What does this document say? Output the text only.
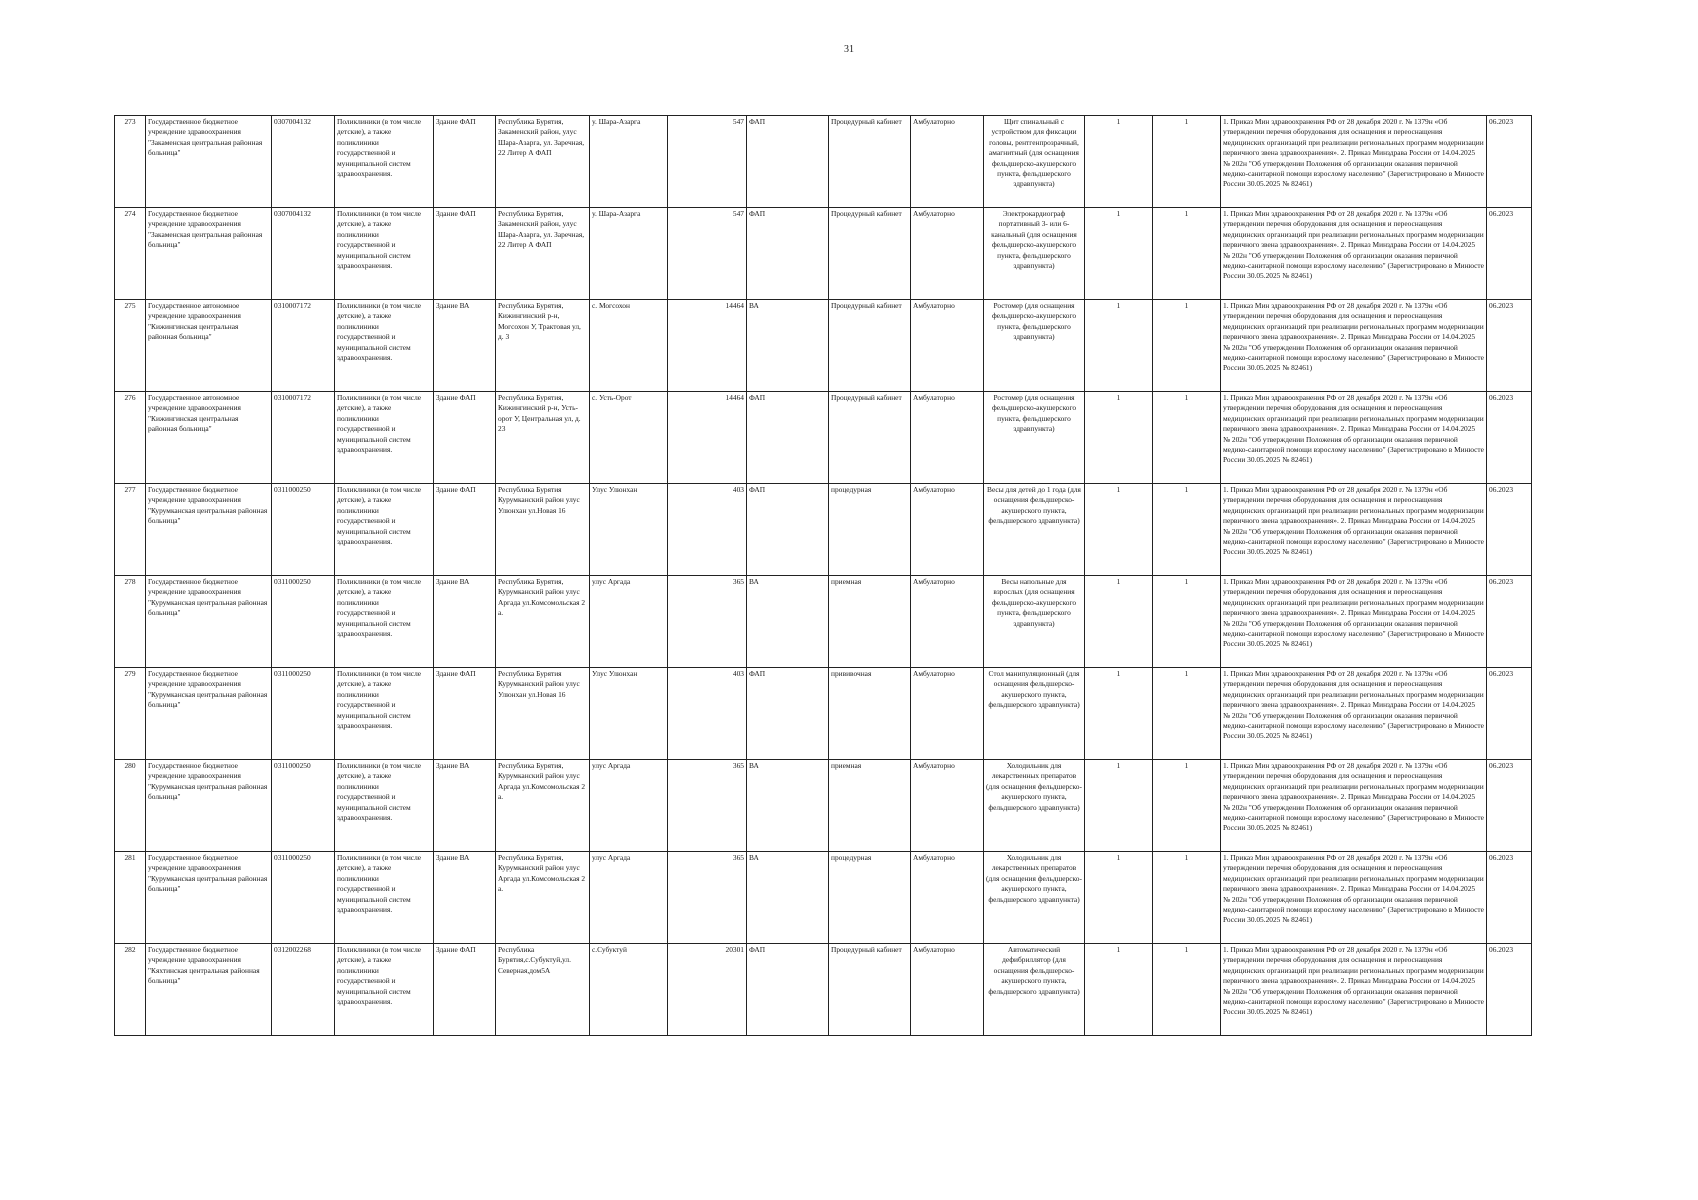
31
273	Государственное бюджетное учреждение здравоохранения "Закаменская центральная районная больница"	0307004132	Поликлиники (в том числе детские), а также поликлиники государственной и муниципальной систем здравоохранения.	Здание ФАП	Республика Бурятия, Закаменский район, улус Шара-Азарга, ул. Заречная, 22 Литер А ФАП	у. Шара-Азарга	547	ФАП	Процедурный кабинет	Амбулаторно	Щит спинальный с устройством для фиксации головы, рентгенпрозрачный, амагнитный (для оснащения фельдшерско-акушерского пункта, фельдшерского здравпункта)	1	1	1. Приказ Мин здравоохранения РФ от 28 декабря 2020 г. № 1379н «Об утверждении перечня оборудования для оснащения и переоснащения медицинских организаций при реализации региональных программ модернизации первичного звена здравоохранения». 2. Приказ Минздрава России от 14.04.2025 № 202н "Об утверждении Положения об организации оказания первичной медико-санитарной помощи взрослому населению" (Зарегистрировано в Минюсте России 30.05.2025 № 82461)	06.2023
274	Государственное бюджетное учреждение здравоохранения "Закаменская центральная районная больница"	0307004132	Поликлиники (в том числе детские), а также поликлиники государственной и муниципальной систем здравоохранения.	Здание ФАП	Республика Бурятия, Закаменский район, улус Шара-Азарга, ул. Заречная, 22 Литер А ФАП	у. Шара-Азарга	547	ФАП	Процедурный кабинет	Амбулаторно	Электрокардиограф портативный 3- или 6-канальный (для оснащения фельдшерско-акушерского пункта, фельдшерского здравпункта)	1	1	1. Приказ Мин здравоохранения РФ от 28 декабря 2020 г. № 1379н «Об утверждении перечня оборудования для оснащения и переоснащения медицинских организаций при реализации региональных программ модернизации первичного звена здравоохранения». 2. Приказ Минздрава России от 14.04.2025 № 202н "Об утверждении Положения об организации оказания первичной медико-санитарной помощи взрослому населению" (Зарегистрировано в Минюсте России 30.05.2025 № 82461)	06.2023
275	Государственное автономное учреждение здравоохранения "Кижингинская центральная районная больница"	0310007172	Поликлиники (в том числе детские), а также поликлиники государственной и муниципальной систем здравоохранения.	Здание ВА	Республика Бурятия, Кижингинский р-н, Могсохон У, Трактовая ул, д. 3	с. Могсохон	14464	ВА	Процедурный кабинет	Амбулаторно	Ростомер (для оснащения фельдшерско-акушерского пункта, фельдшерского здравпункта)	1	1	1. Приказ Мин здравоохранения РФ от 28 декабря 2020 г. № 1379н «Об утверждении перечня оборудования для оснащения и переоснащения медицинских организаций при реализации региональных программ модернизации первичного звена здравоохранения». 2. Приказ Минздрава России от 14.04.2025 № 202н "Об утверждении Положения об организации оказания первичной медико-санитарной помощи взрослому населению" (Зарегистрировано в Минюсте России 30.05.2025 № 82461)	06.2023
276	Государственное автономное учреждение здравоохранения "Кижингинская центральная районная больница"	0310007172	Поликлиники (в том числе детские), а также поликлиники государственной и муниципальной систем здравоохранения.	Здание ФАП	Республика Бурятия, Кижингинский р-н, Усть-орот У, Центральная ул, д. 23	с. Усть-Орот	14464	ФАП	Процедурный кабинет	Амбулаторно	Ростомер (для оснащения фельдшерско-акушерского пункта, фельдшерского здравпункта)	1	1	1. Приказ Мин здравоохранения РФ от 28 декабря 2020 г. № 1379н «Об утверждении перечня оборудования для оснащения и переоснащения медицинских организаций при реализации региональных программ модернизации первичного звена здравоохранения». 2. Приказ Минздрава России от 14.04.2025 № 202н "Об утверждении Положения об организации оказания первичной медико-санитарной помощи взрослому населению" (Зарегистрировано в Минюсте России 30.05.2025 № 82461)	06.2023
277	Государственное бюджетное учреждение здравоохранения "Курумканская центральная районная больница"	0311000250	Поликлиники (в том числе детские), а также поликлиники государственной и муниципальной систем здравоохранения.	Здание ФАП	Республика Бурятия Курумканский район улус Улюнхан ул.Новая 16	Улус Улюнхан	403	ФАП	процедурная	Амбулаторно	Весы для детей до 1 года (для оснащения фельдшерско-акушерского пункта, фельдшерского здравпункта)	1	1	1. Приказ Мин здравоохранения РФ от 28 декабря 2020 г. № 1379н «Об утверждении перечня оборудования для оснащения и переоснащения медицинских организаций при реализации региональных программ модернизации первичного звена здравоохранения». 2. Приказ Минздрава России от 14.04.2025 № 202н "Об утверждении Положения об организации оказания первичной медико-санитарной помощи взрослому населению" (Зарегистрировано в Минюсте России 30.05.2025 № 82461)	06.2023
278	Государственное бюджетное учреждение здравоохранения "Курумканская центральная районная больница"	0311000250	Поликлиники (в том числе детские), а также поликлиники государственной и муниципальной систем здравоохранения.	Здание ВА	Республика Бурятия, Курумканский район улус Аргада ул.Комсомольская 2 а.	улус Аргада	365	ВА	приемная	Амбулаторно	Весы напольные для взрослых (для оснащения фельдшерско-акушерского пункта, фельдшерского здравпункта)	1	1	1. Приказ Мин здравоохранения РФ от 28 декабря 2020 г. № 1379н «Об утверждении перечня оборудования для оснащения и переоснащения медицинских организаций при реализации региональных программ модернизации первичного звена здравоохранения». 2. Приказ Минздрава России от 14.04.2025 № 202н "Об утверждении Положения об организации оказания первичной медико-санитарной помощи взрослому населению" (Зарегистрировано в Минюсте России 30.05.2025 № 82461)	06.2023
279	Государственное бюджетное учреждение здравоохранения "Курумканская центральная районная больница"	0311000250	Поликлиники (в том числе детские), а также поликлиники государственной и муниципальной систем здравоохранения.	Здание ФАП	Республика Бурятия Курумканский район улус Улюнхан ул.Новая 16	Улус Улюнхан	403	ФАП	прививочная	Амбулаторно	Стол манипуляционный (для оснащения фельдшерско-акушерского пункта, фельдшерского здравпункта)	1	1	1. Приказ Мин здравоохранения РФ от 28 декабря 2020 г. № 1379н «Об утверждении перечня оборудования для оснащения и переоснащения медицинских организаций при реализации региональных программ модернизации первичного звена здравоохранения». 2. Приказ Минздрава России от 14.04.2025 № 202н "Об утверждении Положения об организации оказания первичной медико-санитарной помощи взрослому населению" (Зарегистрировано в Минюсте России 30.05.2025 № 82461)	06.2023
280	Государственное бюджетное учреждение здравоохранения "Курумканская центральная районная больница"	0311000250	Поликлиники (в том числе детские), а также поликлиники государственной и муниципальной систем здравоохранения.	Здание ВА	Республика Бурятия, Курумканский район улус Аргада ул.Комсомольская 2 а.	улус Аргада	365	ВА	приемная	Амбулаторно	Холодильник для лекарственных препаратов (для оснащения фельдшерско-акушерского пункта, фельдшерского здравпункта)	1	1	1. Приказ Мин здравоохранения РФ от 28 декабря 2020 г. № 1379н «Об утверждении перечня оборудования для оснащения и переоснащения медицинских организаций при реализации региональных программ модернизации первичного звена здравоохранения». 2. Приказ Минздрава России от 14.04.2025 № 202н "Об утверждении Положения об организации оказания первичной медико-санитарной помощи взрослому населению" (Зарегистрировано в Минюсте России 30.05.2025 № 82461)	06.2023
281	Государственное бюджетное учреждение здравоохранения "Курумканская центральная районная больница"	0311000250	Поликлиники (в том числе детские), а также поликлиники государственной и муниципальной систем здравоохранения.	Здание ВА	Республика Бурятия, Курумканский район улус Аргада ул.Комсомольская 2 а.	улус Аргада	365	ВА	процедурная	Амбулаторно	Холодильник для лекарственных препаратов (для оснащения фельдшерско-акушерского пункта, фельдшерского здравпункта)	1	1	1. Приказ Мин здравоохранения РФ от 28 декабря 2020 г. № 1379н «Об утверждении перечня оборудования для оснащения и переоснащения медицинских организаций при реализации региональных программ модернизации первичного звена здравоохранения». 2. Приказ Минздрава России от 14.04.2025 № 202н "Об утверждении Положения об организации оказания первичной медико-санитарной помощи взрослому населению" (Зарегистрировано в Минюсте России 30.05.2025 № 82461)	06.2023
282	Государственное бюджетное учреждение здравоохранения "Кяхтинская центральная районная больница"	0312002268	Поликлиники (в том числе детские), а также поликлиники государственной и муниципальной систем здравоохранения.	Здание ФАП	Республика Бурятия,с.Субуктуй,ул. Северная,дом5А	с.Субуктуй	20301	ФАП	Процедурный кабинет	Амбулаторно	Автоматический дефибриллятор (для оснащения фельдшерско-акушерского пункта, фельдшерского здравпункта)	1	1	1. Приказ Мин здравоохранения РФ от 28 декабря 2020 г. № 1379н «Об утверждении перечня оборудования для оснащения и переоснащения медицинских организаций при реализации региональных программ модернизации первичного звена здравоохранения». 2. Приказ Минздрава России от 14.04.2025 № 202н "Об утверждении Положения об организации оказания первичной медико-санитарной помощи взрослому населению" (Зарегистрировано в Минюсте России 30.05.2025 № 82461)	06.2023
